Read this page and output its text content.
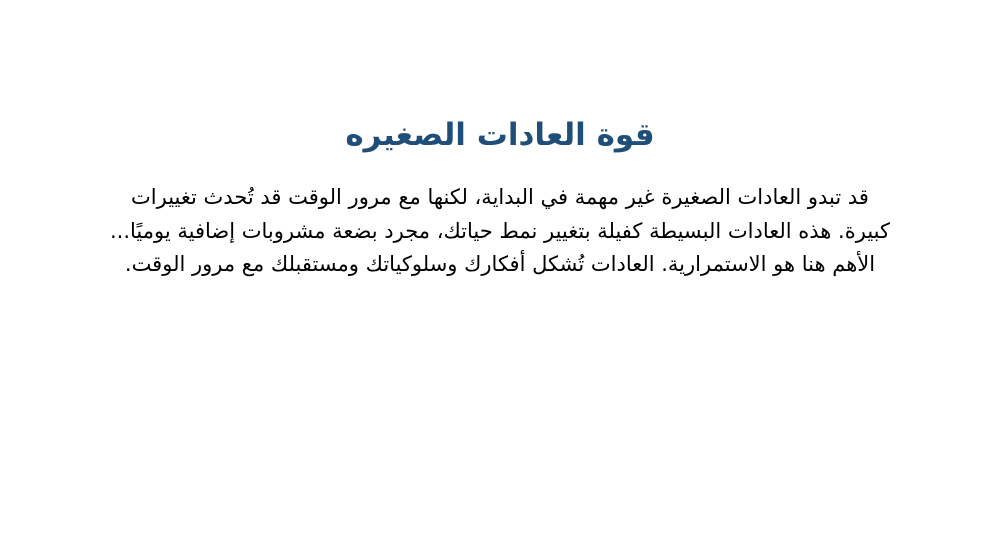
قوة العادات الصغيره

قد تبدو العادات الصغيرة غير مهمة في البداية، لكنها مع مرور الوقت قد تُحدث تغييرات كبيرة. هذه العادات البسيطة كفيلة بتغيير نمط حياتك، مجرد بضعة مشروبات إضافية يوميًا... الأهم هنا هو الاستمرارية. العادات تُشكل أفكارك وسلوكياتك ومستقبلك مع مرور الوقت.
